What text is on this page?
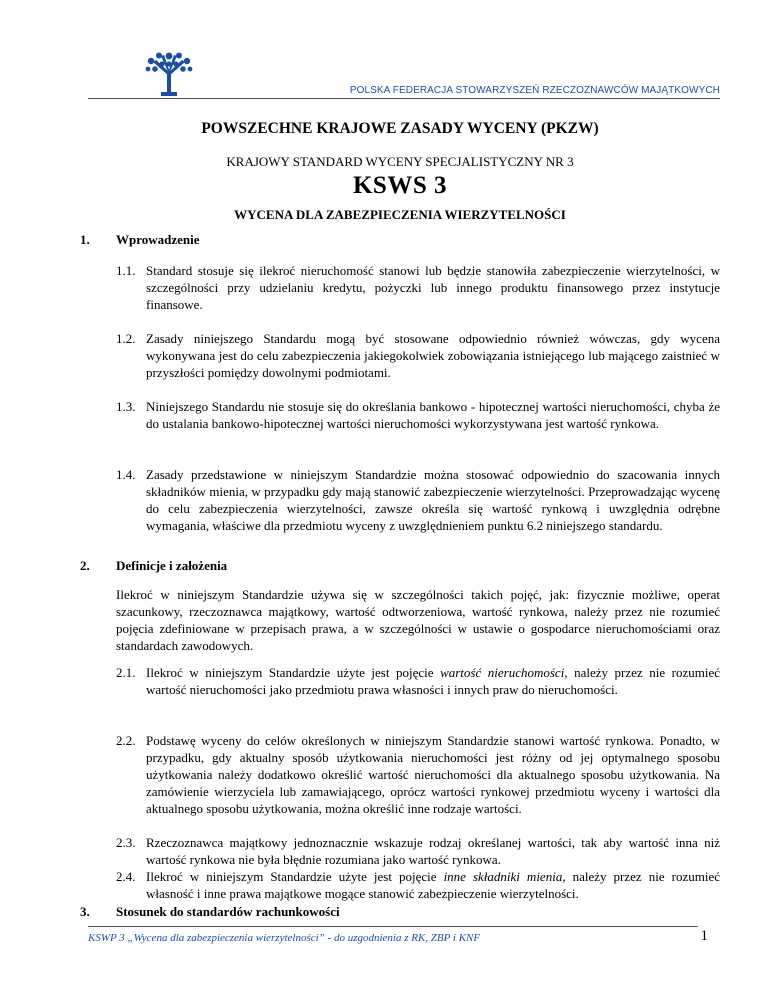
POLSKA FEDERACJA STOWARZYSZEŃ RZECZOZNAWCÓW MAJĄTKOWYCH
POWSZECHNE KRAJOWE ZASADY WYCENY (PKZW)
KRAJOWY STANDARD WYCENY SPECJALISTYCZNY NR 3
KSWS 3
WYCENA DLA ZABEZPIECZENIA WIERZYTELNOŚCI
1. Wprowadzenie
1.1. Standard stosuje się ilekroć nieruchomość stanowi lub będzie stanowiła zabezpieczenie wierzytelności, w szczególności przy udzielaniu kredytu, pożyczki lub innego produktu finansowego przez instytucje finansowe.
1.2. Zasady niniejszego Standardu mogą być stosowane odpowiednio również wówczas, gdy wycena wykonywana jest do celu zabezpieczenia jakiegokolwiek zobowiązania istniejącego lub mającego zaistnieć w przyszłości pomiędzy dowolnymi podmiotami.
1.3. Niniejszego Standardu nie stosuje się do określania bankowo - hipotecznej wartości nieruchomości, chyba że do ustalania bankowo-hipotecznej wartości nieruchomości wykorzystywana jest wartość rynkowa.
1.4. Zasady przedstawione w niniejszym Standardzie można stosować odpowiednio do szacowania innych składników mienia, w przypadku gdy mają stanowić zabezpieczenie wierzytelności. Przeprowadzając wycenę do celu zabezpieczenia wierzytelności, zawsze określa się wartość rynkową i uwzględnia odrębne wymagania, właściwe dla przedmiotu wyceny z uwzględnieniem punktu 6.2 niniejszego standardu.
2. Definicje i założenia
Ilekroć w niniejszym Standardzie używa się w szczególności takich pojęć, jak: fizycznie możliwe, operat szacunkowy, rzeczoznawca majątkowy, wartość odtworzeniowa, wartość rynkowa, należy przez nie rozumieć pojęcia zdefiniowane w przepisach prawa, a w szczególności w ustawie o gospodarce nieruchomościami oraz standardach zawodowych.
2.1. Ilekroć w niniejszym Standardzie użyte jest pojęcie wartość nieruchomości, należy przez nie rozumieć wartość nieruchomości jako przedmiotu prawa własności i innych praw do nieruchomości.
2.2. Podstawę wyceny do celów określonych w niniejszym Standardzie stanowi wartość rynkowa. Ponadto, w przypadku, gdy aktualny sposób użytkowania nieruchomości jest różny od jej optymalnego sposobu użytkowania należy dodatkowo określić wartość nieruchomości dla aktualnego sposobu użytkowania. Na zamówienie wierzyciela lub zamawiającego, oprócz wartości rynkowej przedmiotu wyceny i wartości dla aktualnego sposobu użytkowania, można określić inne rodzaje wartości.
2.3. Rzeczoznawca majątkowy jednoznacznie wskazuje rodzaj określanej wartości, tak aby wartość inna niż wartość rynkowa nie była błędnie rozumiana jako wartość rynkowa.
2.4. Ilekroć w niniejszym Standardzie użyte jest pojęcie inne składniki mienia, należy przez nie rozumieć własność i inne prawa majątkowe mogące stanowić zabezpieczenie wierzytelności.
3. Stosunek do standardów rachunkowości
KSWP 3 „Wycena dla zabezpieczenia wierzytelności” - do uzgodnienia z RK, ZBP i KNF	1
